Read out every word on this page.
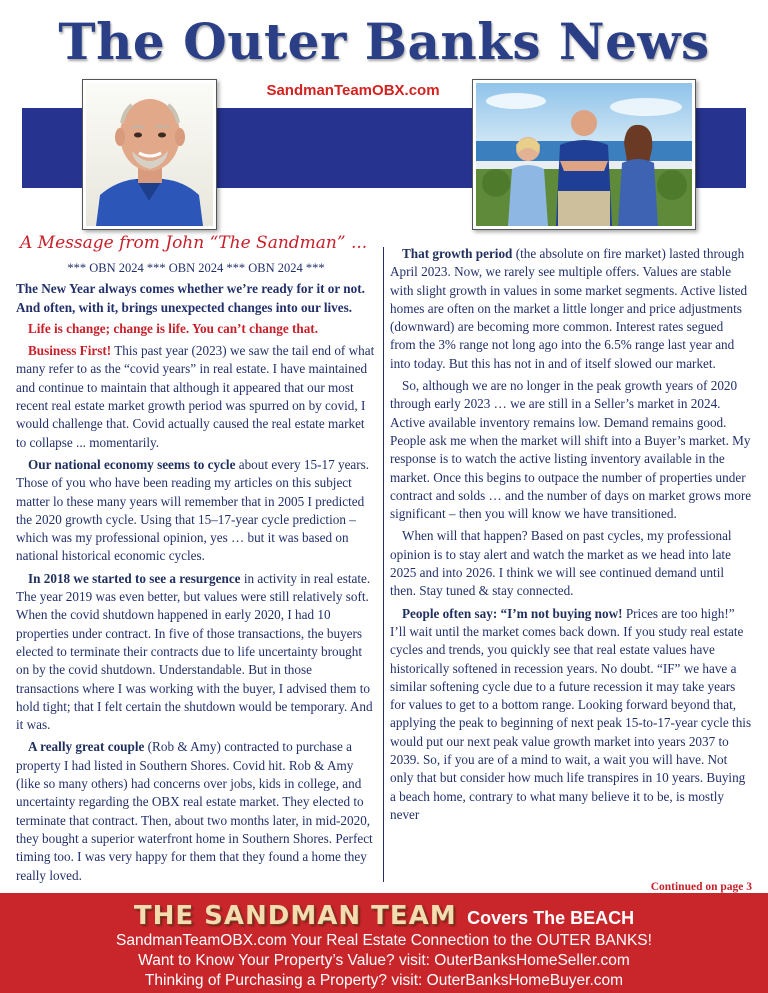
The Outer Banks News
SandmanTeamOBX.com
A Message from John “The Sandman” ...
*** OBN 2024 *** OBN 2024 *** OBN 2024 ***
The New Year always comes whether we’re ready for it or not. And often, with it, brings unexpected changes into our lives.
Life is change; change is life. You can’t change that.

Business First! This past year (2023) we saw the tail end of what many refer to as the “covid years” in real estate. I have maintained and continue to maintain that although it appeared that our most recent real estate market growth period was spurred on by covid, I would challenge that. Covid actually caused the real estate market to collapse ... momentarily.

Our national economy seems to cycle about every 15-17 years. Those of you who have been reading my articles on this subject matter lo these many years will remember that in 2005 I predicted the 2020 growth cycle. Using that 15–17-year cycle prediction – which was my professional opinion, yes … but it was based on national historical economic cycles.

In 2018 we started to see a resurgence in activity in real estate. The year 2019 was even better, but values were still relatively soft. When the covid shutdown happened in early 2020, I had 10 properties under contract. In five of those transactions, the buyers elected to terminate their contracts due to life uncertainty brought on by the covid shutdown. Understandable. But in those transactions where I was working with the buyer, I advised them to hold tight; that I felt certain the shutdown would be temporary. And it was.

A really great couple (Rob & Amy) contracted to purchase a property I had listed in Southern Shores. Covid hit. Rob & Amy (like so many others) had concerns over jobs, kids in college, and uncertainty regarding the OBX real estate market. They elected to terminate that contract. Then, about two months later, in mid-2020, they bought a superior waterfront home in Southern Shores. Perfect timing too. I was very happy for them that they found a home they really loved.

That growth period (the absolute on fire market) lasted through April 2023. Now, we rarely see multiple offers. Values are stable with slight growth in values in some market segments. Active listed homes are often on the market a little longer and price adjustments (downward) are becoming more common. Interest rates segued from the 3% range not long ago into the 6.5% range last year and into today. But this has not in and of itself slowed our market.

So, although we are no longer in the peak growth years of 2020 through early 2023 … we are still in a Seller’s market in 2024. Active available inventory remains low. Demand remains good. People ask me when the market will shift into a Buyer’s market. My response is to watch the active listing inventory available in the market. Once this begins to outpace the number of properties under contract and solds … and the number of days on market grows more significant – then you will know we have transitioned.

When will that happen? Based on past cycles, my professional opinion is to stay alert and watch the market as we head into late 2025 and into 2026. I think we will see continued demand until then. Stay tuned & stay connected.

People often say: “I’m not buying now! Prices are too high!” I’ll wait until the market comes back down. If you study real estate cycles and trends, you quickly see that real estate values have historically softened in recession years. No doubt. “IF” we have a similar softening cycle due to a future recession it may take years for values to get to a bottom range. Looking forward beyond that, applying the peak to beginning of next peak 15-to-17-year cycle this would put our next peak value growth market into years 2037 to 2039. So, if you are of a mind to wait, a wait you will have. Not only that but consider how much life transpires in 10 years. Buying a beach home, contrary to what many believe it to be, is mostly never

Continued on page 3
THE SANDMAN TEAM Covers The BEACH
SandmanTeamOBX.com Your Real Estate Connection to the OUTER BANKS!
Want to Know Your Property’s Value? visit: OuterBanksHomeSeller.com
Thinking of Purchasing a Property? visit: OuterBanksHomeBuyer.com
